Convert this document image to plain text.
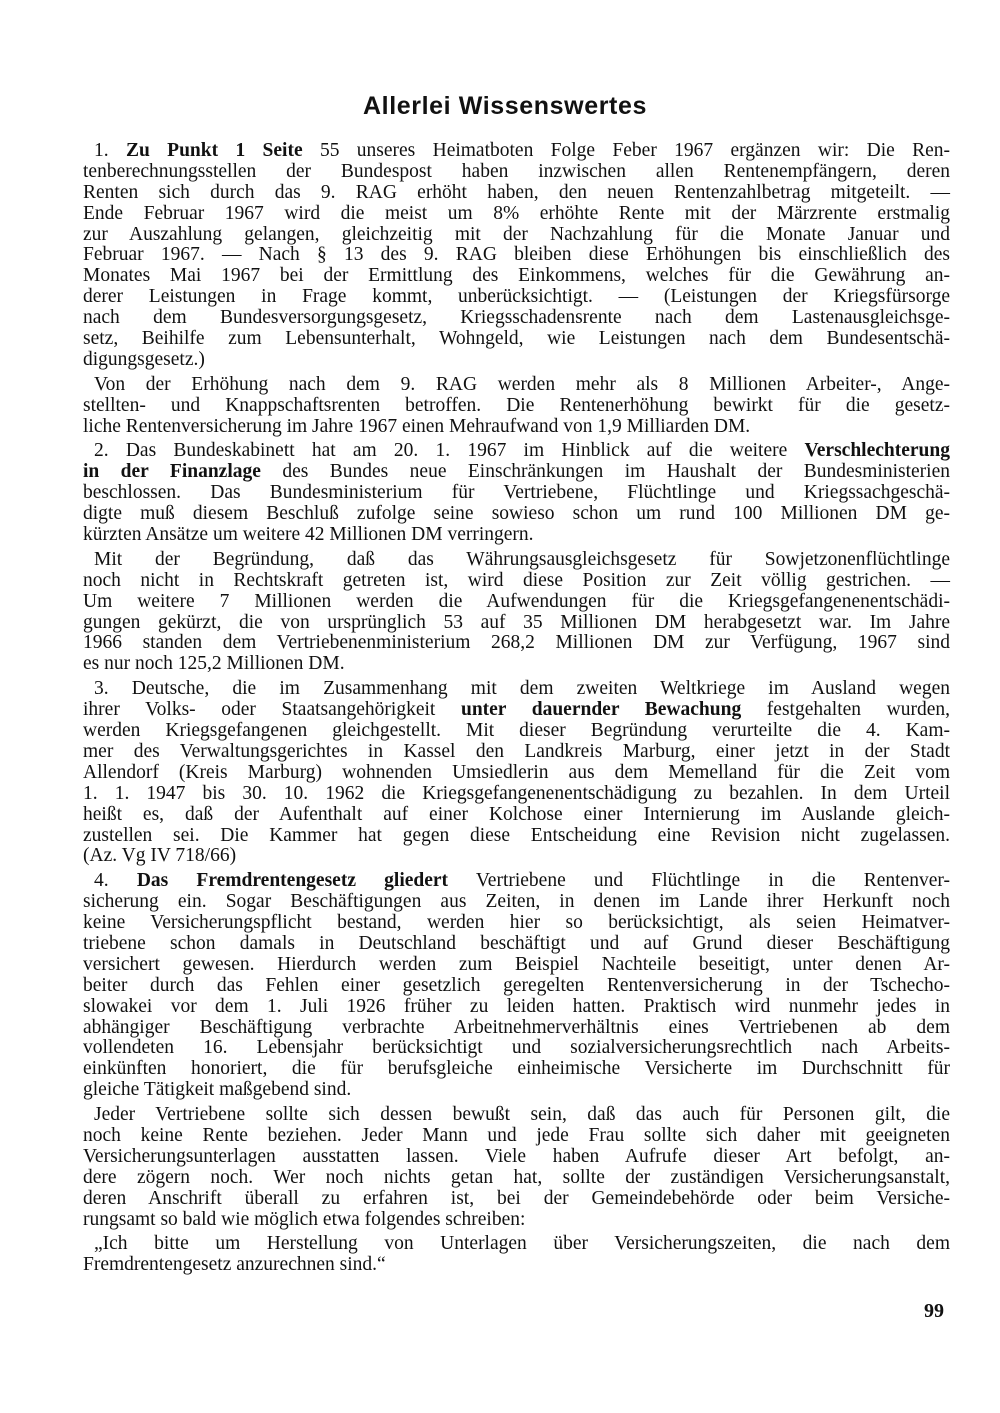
Allerlei Wissenswertes
1. Zu Punkt 1 Seite 55 unseres Heimatboten Folge Feber 1967 ergänzen wir: Die Ren-
tenberechnungsstellen der Bundespost haben inzwischen allen Rentenempfängern, deren
Renten sich durch das 9. RAG erhöht haben, den neuen Rentenzahlbetrag mitgeteilt. —
Ende Februar 1967 wird die meist um 8% erhöhte Rente mit der Märzrente erstmalig
zur Auszahlung gelangen, gleichzeitig mit der Nachzahlung für die Monate Januar und
Februar 1967. — Nach § 13 des 9. RAG bleiben diese Erhöhungen bis einschließlich des
Monates Mai 1967 bei der Ermittlung des Einkommens, welches für die Gewährung an-
derer Leistungen in Frage kommt, unberücksichtigt. — (Leistungen der Kriegsfürsorge
nach dem Bundesversorgungsgesetz, Kriegsschadensrente nach dem Lastenausgleichsge-
setz, Beihilfe zum Lebensunterhalt, Wohngeld, wie Leistungen nach dem Bundesentschä-
digungsgesetz.)
Von der Erhöhung nach dem 9. RAG werden mehr als 8 Millionen Arbeiter-, Ange-
stellten- und Knappschaftsrenten betroffen. Die Rentenerhöhung bewirkt für die gesetz-
liche Rentenversicherung im Jahre 1967 einen Mehraufwand von 1,9 Milliarden DM.
2. Das Bundeskabinett hat am 20. 1. 1967 im Hinblick auf die weitere Verschlechterung
in der Finanzlage des Bundes neue Einschränkungen im Haushalt der Bundesministerien
beschlossen. Das Bundesministerium für Vertriebene, Flüchtlinge und Kriegssachgeschä-
digte muß diesem Beschluß zufolge seine sowieso schon um rund 100 Millionen DM ge-
kürzten Ansätze um weitere 42 Millionen DM verringern.
Mit der Begründung, daß das Währungsausgleichsgesetz für Sowjetzonenflüchtlinge
noch nicht in Rechtskraft getreten ist, wird diese Position zur Zeit völlig gestrichen. —
Um weitere 7 Millionen werden die Aufwendungen für die Kriegsgefangenenentschädi-
gungen gekürzt, die von ursprünglich 53 auf 35 Millionen DM herabgesetzt war. Im Jahre
1966 standen dem Vertriebenenministerium 268,2 Millionen DM zur Verfügung, 1967 sind
es nur noch 125,2 Millionen DM.
3. Deutsche, die im Zusammenhang mit dem zweiten Weltkriege im Ausland wegen
ihrer Volks- oder Staatsangehörigkeit unter dauernder Bewachung festgehalten wurden,
werden Kriegsgefangenen gleichgestellt. Mit dieser Begründung verurteilte die 4. Kam-
mer des Verwaltungsgerichtes in Kassel den Landkreis Marburg, einer jetzt in der Stadt
Allendorf (Kreis Marburg) wohnenden Umsiedlerin aus dem Memelland für die Zeit vom
1. 1. 1947 bis 30. 10. 1962 die Kriegsgefangenenentschädigung zu bezahlen. In dem Urteil
heißt es, daß der Aufenthalt auf einer Kolchose einer Internierung im Auslande gleich-
zustellen sei. Die Kammer hat gegen diese Entscheidung eine Revision nicht zugelassen.
(Az. Vg IV 718/66)
4. Das Fremdrentengesetz gliedert Vertriebene und Flüchtlinge in die Rentenver-
sicherung ein. Sogar Beschäftigungen aus Zeiten, in denen im Lande ihrer Herkunft noch
keine Versicherungspflicht bestand, werden hier so berücksichtigt, als seien Heimatver-
triebene schon damals in Deutschland beschäftigt und auf Grund dieser Beschäftigung
versichert gewesen. Hierdurch werden zum Beispiel Nachteile beseitigt, unter denen Ar-
beiter durch das Fehlen einer gesetzlich geregelten Rentenversicherung in der Tschecho-
slowakei vor dem 1. Juli 1926 früher zu leiden hatten. Praktisch wird nunmehr jedes in
abhängiger Beschäftigung verbrachte Arbeitnehmerverhältnis eines Vertriebenen ab dem
vollendeten 16. Lebensjahr berücksichtigt und sozialversicherungsrechtlich nach Arbeits-
einkünften honoriert, die für berufsgleiche einheimische Versicherte im Durchschnitt für
gleiche Tätigkeit maßgebend sind.
Jeder Vertriebene sollte sich dessen bewußt sein, daß das auch für Personen gilt, die
noch keine Rente beziehen. Jeder Mann und jede Frau sollte sich daher mit geeigneten
Versicherungsunterlagen ausstatten lassen. Viele haben Aufrufe dieser Art befolgt, an-
dere zögern noch. Wer noch nichts getan hat, sollte der zuständigen Versicherungsanstalt,
deren Anschrift überall zu erfahren ist, bei der Gemeindebehörde oder beim Versiche-
rungsamt so bald wie möglich etwa folgendes schreiben:
„Ich bitte um Herstellung von Unterlagen über Versicherungszeiten, die nach dem
Fremdrentengesetz anzurechnen sind.“
99
